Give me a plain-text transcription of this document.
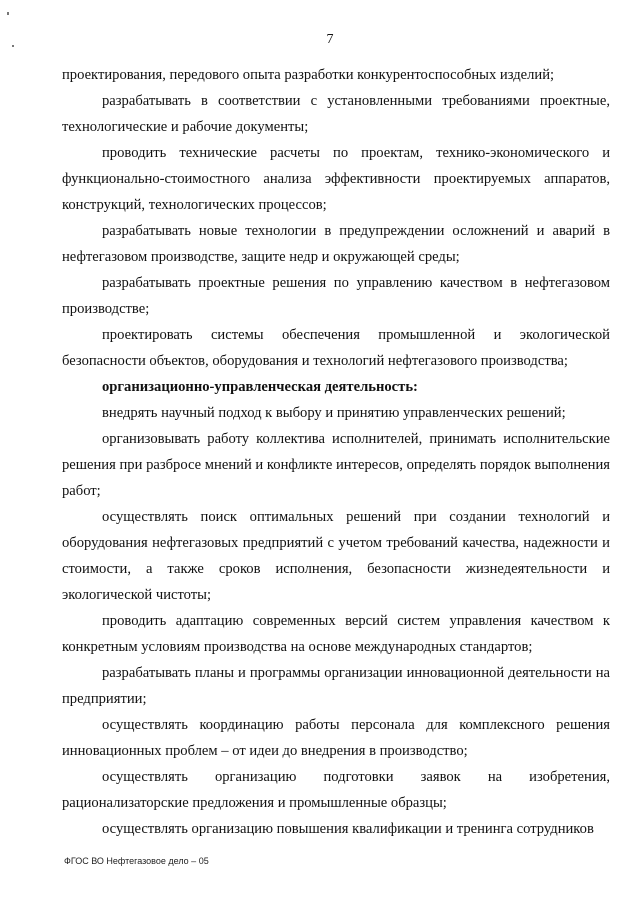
7

проектирования, передового опыта разработки конкурентоспособных изделий;

разрабатывать в соответствии с установленными требованиями проектные, технологические и рабочие документы;

проводить технические расчеты по проектам, технико-экономического и функционально-стоимостного анализа эффективности проектируемых аппаратов, конструкций, технологических процессов;

разрабатывать новые технологии в предупреждении осложнений и аварий в нефтегазовом производстве, защите недр и окружающей среды;

разрабатывать проектные решения по управлению качеством в нефтегазовом производстве;

проектировать системы обеспечения промышленной и экологической безопасности объектов, оборудования и технологий нефтегазового производства;

организационно-управленческая деятельность:

внедрять научный подход к выбору и принятию управленческих решений;

организовывать работу коллектива исполнителей, принимать исполнительские решения при разбросе мнений и конфликте интересов, определять порядок выполнения работ;

осуществлять поиск оптимальных решений при создании технологий и оборудования нефтегазовых предприятий с учетом требований качества, надежности и стоимости, а также сроков исполнения, безопасности жизнедеятельности и экологической чистоты;

проводить адаптацию современных версий систем управления качеством к конкретным условиям производства на основе международных стандартов;

разрабатывать планы и программы организации инновационной деятельности на предприятии;

осуществлять координацию работы персонала для комплексного решения инновационных проблем – от идеи до внедрения в производство;

осуществлять организацию подготовки заявок на изобретения, рационализаторские предложения и промышленные образцы;

осуществлять организацию повышения квалификации и тренинга сотрудников

ФГОС ВО Нефтегазовое дело – 05
